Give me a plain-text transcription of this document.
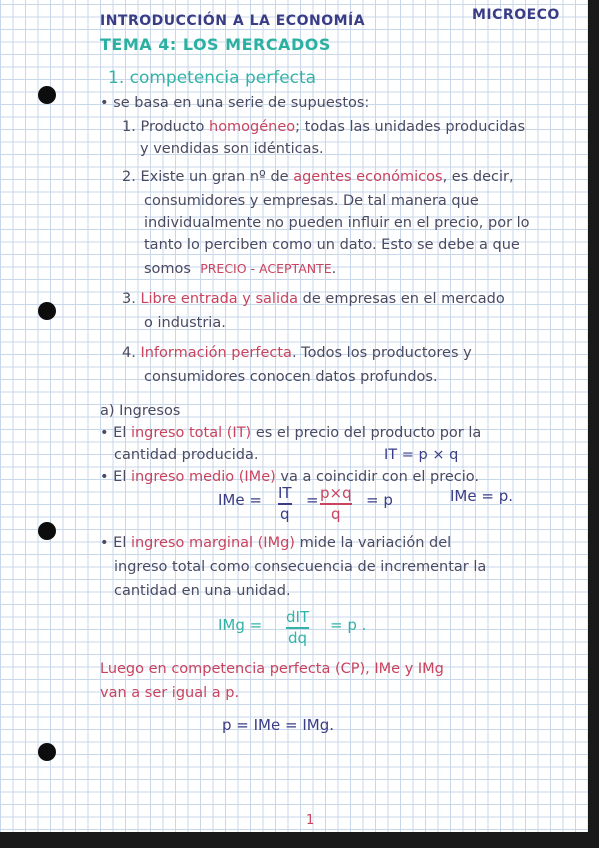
INTRODUCCIÓN A LA ECONOMÍA	MICROECO
TEMA 4: LOS MERCADOS
1. competencia perfecta
• se basa en una serie de supuestos:
1. Producto homogéneo; todas las unidades producidas
y vendidas son idénticas.
2. Existe un gran nº de agentes económicos, es decir,
consumidores y empresas. De tal manera que
individualmente no pueden influir en el precio, por lo
tanto lo perciben como un dato. Esto se debe a que
somos PRECIO - ACEPTANTE.
3. Libre entrada y salida de empresas en el mercado
o industria.
4. Información perfecta. Todos los productores y
consumidores conocen datos profundos.
a) Ingresos
• El ingreso total (IT) es el precio del producto por la
cantidad producida.	IT = p × q
• El ingreso medio (IMe) va a coincidir con el precio.
IMe = IT
q
= p×q
q
= p	IMe = p.
• El ingreso marginal (IMg) mide la variación del
ingreso total como consecuencia de incrementar la
cantidad en una unidad.
IMg = dIT
dq
= p .
Luego en competencia perfecta (CP), IMe y IMg
van a ser igual a p.
p = IMe = IMg.
1
